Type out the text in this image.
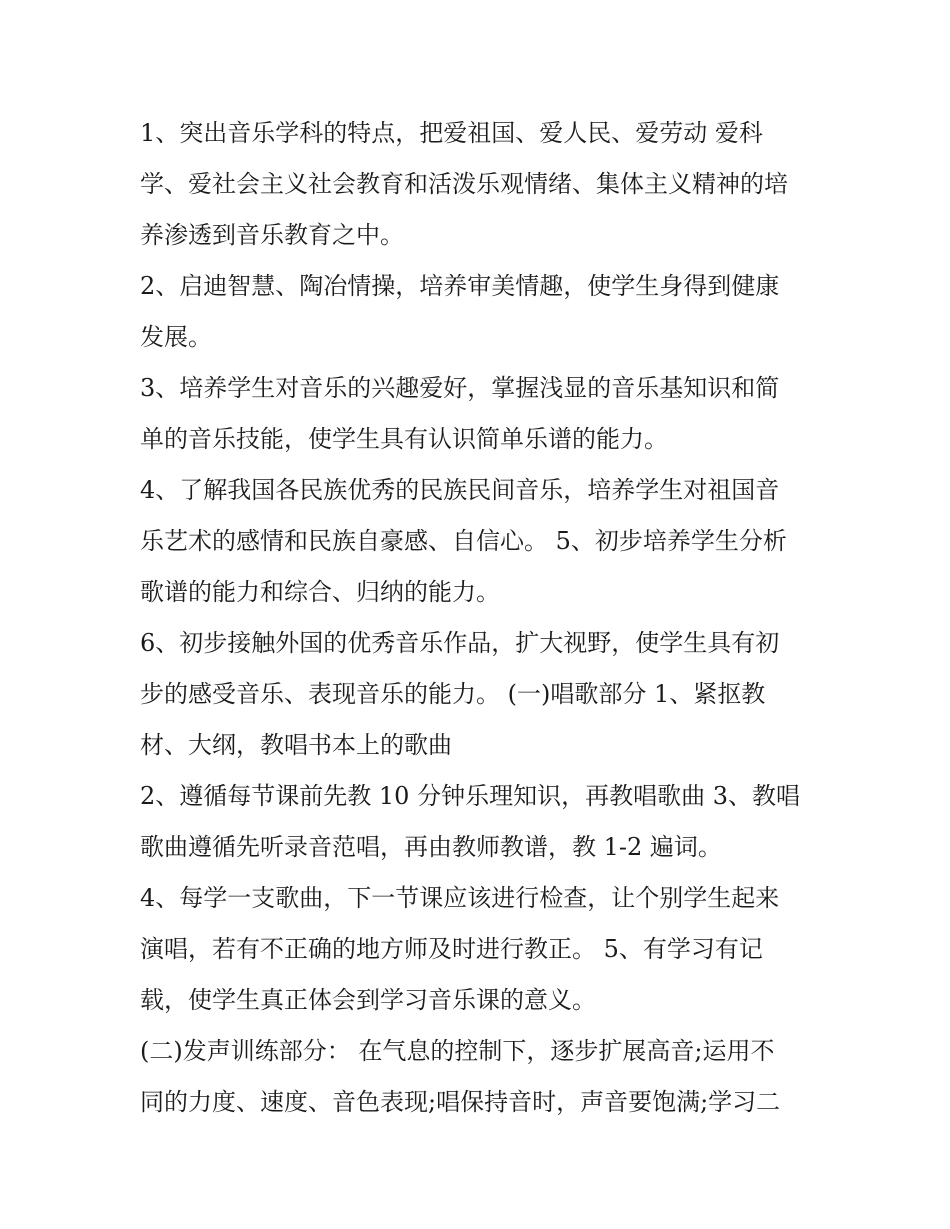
1、突出音乐学科的特点，把爱祖国、爱人民、爱劳动 爱科
学、爱社会主义社会教育和活泼乐观情绪、集体主义精神的培
养渗透到音乐教育之中。
2、启迪智慧、陶冶情操，培养审美情趣，使学生身得到健康
发展。
3、培养学生对音乐的兴趣爱好，掌握浅显的音乐基知识和简
单的音乐技能，使学生具有认识简单乐谱的能力。
4、了解我国各民族优秀的民族民间音乐，培养学生对祖国音
乐艺术的感情和民族自豪感、自信心。 5、初步培养学生分析
歌谱的能力和综合、归纳的能力。
6、初步接触外国的优秀音乐作品，扩大视野，使学生具有初
步的感受音乐、表现音乐的能力。 (一)唱歌部分 1、紧抠教
材、大纲，教唱书本上的歌曲
2、遵循每节课前先教 10 分钟乐理知识，再教唱歌曲 3、教唱
歌曲遵循先听录音范唱，再由教师教谱，教 1-2 遍词。
4、每学一支歌曲，下一节课应该进行检查，让个别学生起来
演唱，若有不正确的地方师及时进行教正。 5、有学习有记
载，使学生真正体会到学习音乐课的意义。
(二)发声训练部分： 在气息的控制下，逐步扩展高音;运用不
同的力度、速度、音色表现;唱保持音时，声音要饱满;学习二
